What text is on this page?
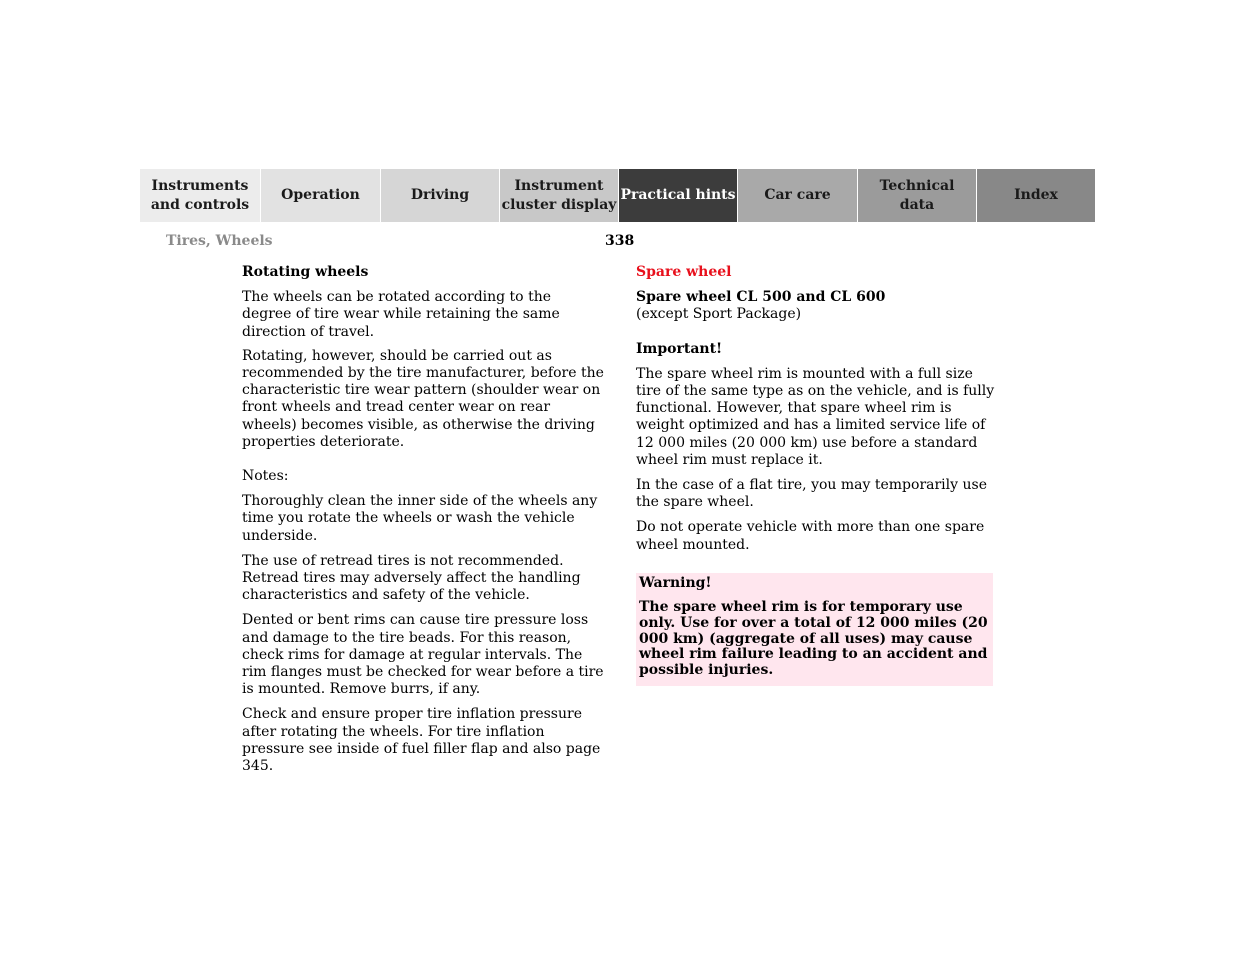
Instruments
and controls
Operation	Driving
Instrument
cluster display
Practical hints	Car care
Technical
data
Index
Tires, Wheels	338

Rotating wheels

The wheels can be rotated according to the degree of tire wear while retaining the same direction of travel.

Rotating, however, should be carried out as recommended by the tire manufacturer, before the characteristic tire wear pattern (shoulder wear on front wheels and tread center wear on rear wheels) becomes visible, as otherwise the driving properties deteriorate.

Notes:

Thoroughly clean the inner side of the wheels any time you rotate the wheels or wash the vehicle underside.

The use of retread tires is not recommended. Retread tires may adversely affect the handling characteristics and safety of the vehicle.

Dented or bent rims can cause tire pressure loss and damage to the tire beads. For this reason, check rims for damage at regular intervals. The rim flanges must be checked for wear before a tire is mounted. Remove burrs, if any.

Check and ensure proper tire inflation pressure after rotating the wheels. For tire inflation pressure see inside of fuel filler flap and also page 345.

Spare wheel

Spare wheel CL 500 and CL 600

(except Sport Package)

Important!

The spare wheel rim is mounted with a full size tire of the same type as on the vehicle, and is fully functional. However, that spare wheel rim is weight optimized and has a limited service life of 12 000 miles (20 000 km) use before a standard wheel rim must replace it.

In the case of a flat tire, you may temporarily use the spare wheel.

Do not operate vehicle with more than one spare wheel mounted.

Warning!

The spare wheel rim is for temporary use only. Use for over a total of 12 000 miles (20 000 km) (aggregate of all uses) may cause wheel rim failure leading to an accident and possible injuries.
